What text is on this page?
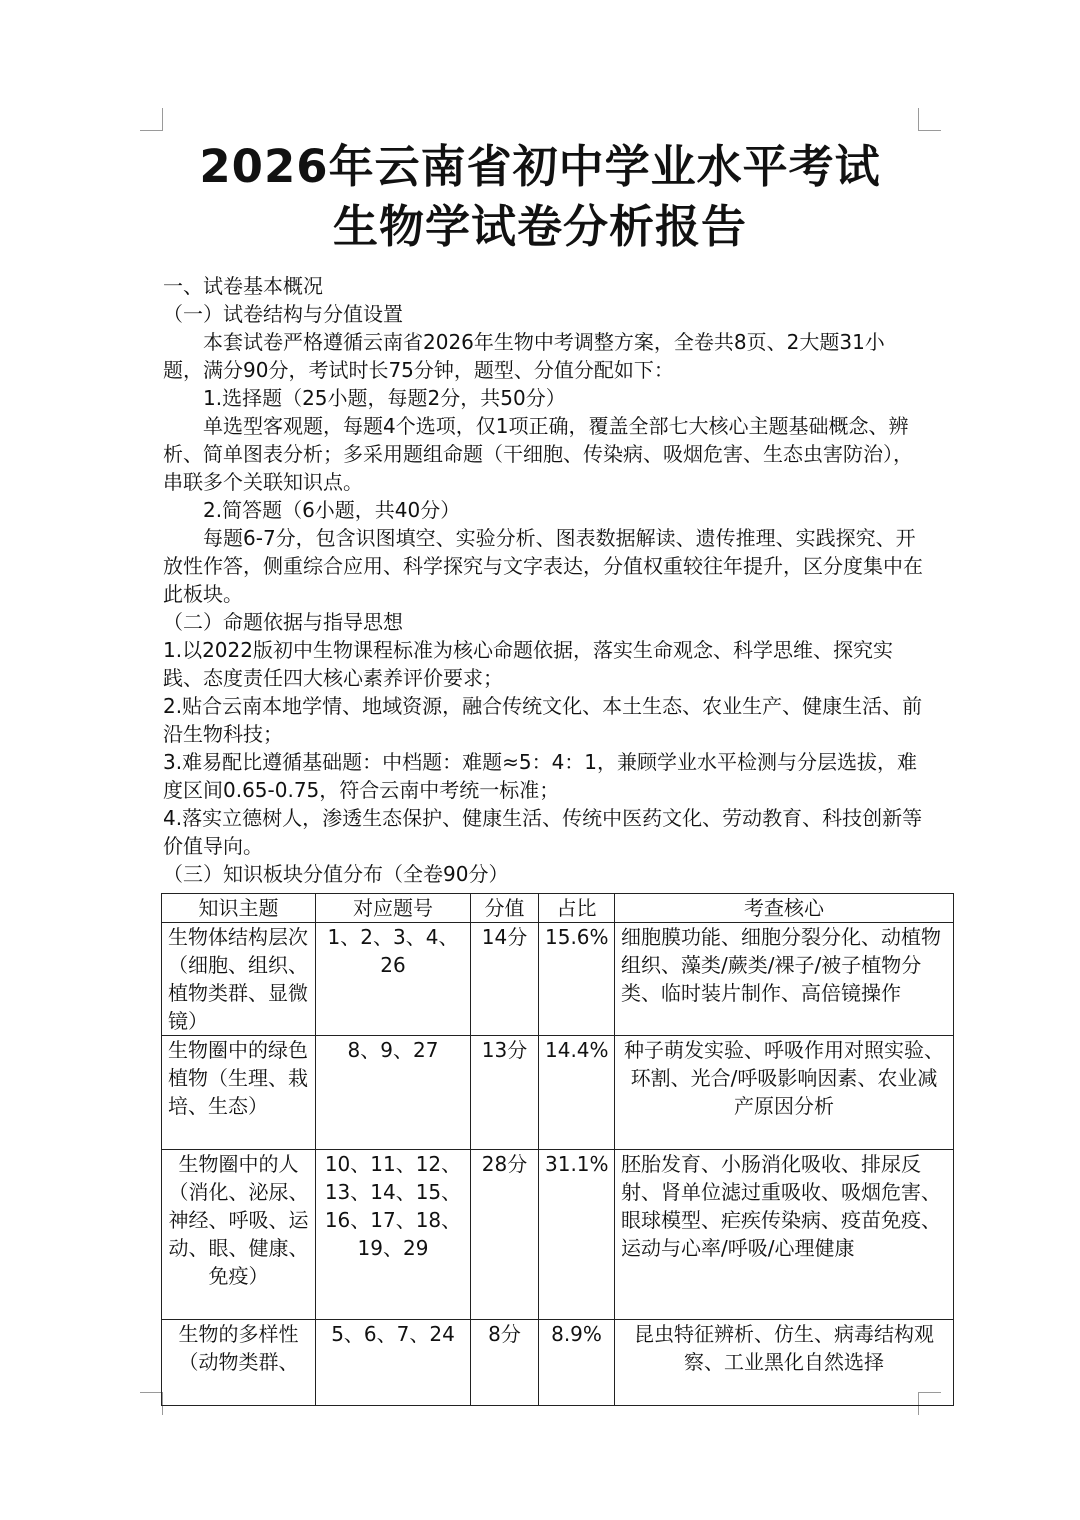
2026年云南省初中学业水平考试
生物学试卷分析报告

一、试卷基本概况

（一）试卷结构与分值设置

本套试卷严格遵循云南省2026年生物中考调整方案，全卷共8页、2大题31小题，满分90分，考试时长75分钟，题型、分值分配如下：

1.选择题（25小题，每题2分，共50分）

单选型客观题，每题4个选项，仅1项正确，覆盖全部七大核心主题基础概念、辨析、简单图表分析；多采用题组命题（干细胞、传染病、吸烟危害、生态虫害防治），串联多个关联知识点。

2.简答题（6小题，共40分）

每题6-7分，包含识图填空、实验分析、图表数据解读、遗传推理、实践探究、开放性作答，侧重综合应用、科学探究与文字表达，分值权重较往年提升，区分度集中在此板块。

（二）命题依据与指导思想

1.以2022版初中生物课程标准为核心命题依据，落实生命观念、科学思维、探究实践、态度责任四大核心素养评价要求；

2.贴合云南本地学情、地域资源，融合传统文化、本土生态、农业生产、健康生活、前沿生物科技；

3.难易配比遵循基础题：中档题：难题≈5：4：1，兼顾学业水平检测与分层选拔，难度区间0.65-0.75，符合云南中考统一标准；

4.落实立德树人，渗透生态保护、健康生活、传统中医药文化、劳动教育、科技创新等价值导向。

（三）知识板块分值分布（全卷90分）

知识主题	对应题号	分值	占比	考查核心
生物体结构层次（细胞、组织、植物类群、显微镜）	1、2、3、4、26	14分	15.6%	细胞膜功能、细胞分裂分化、动植物组织、藻类/蕨类/裸子/被子植物分类、临时装片制作、高倍镜操作
生物圈中的绿色植物（生理、栽培、生态）	8、9、27	13分	14.4%	种子萌发实验、呼吸作用对照实验、环割、光合/呼吸影响因素、农业减产原因分析
生物圈中的人（消化、泌尿、神经、呼吸、运动、眼、健康、免疫）	10、11、12、13、14、15、16、17、18、19、29	28分	31.1%	胚胎发育、小肠消化吸收、排尿反射、肾单位滤过重吸收、吸烟危害、眼球模型、疟疾传染病、疫苗免疫、运动与心率/呼吸/心理健康
生物的多样性（动物类群、	5、6、7、24	8分	8.9%	昆虫特征辨析、仿生、病毒结构观察、工业黑化自然选择
